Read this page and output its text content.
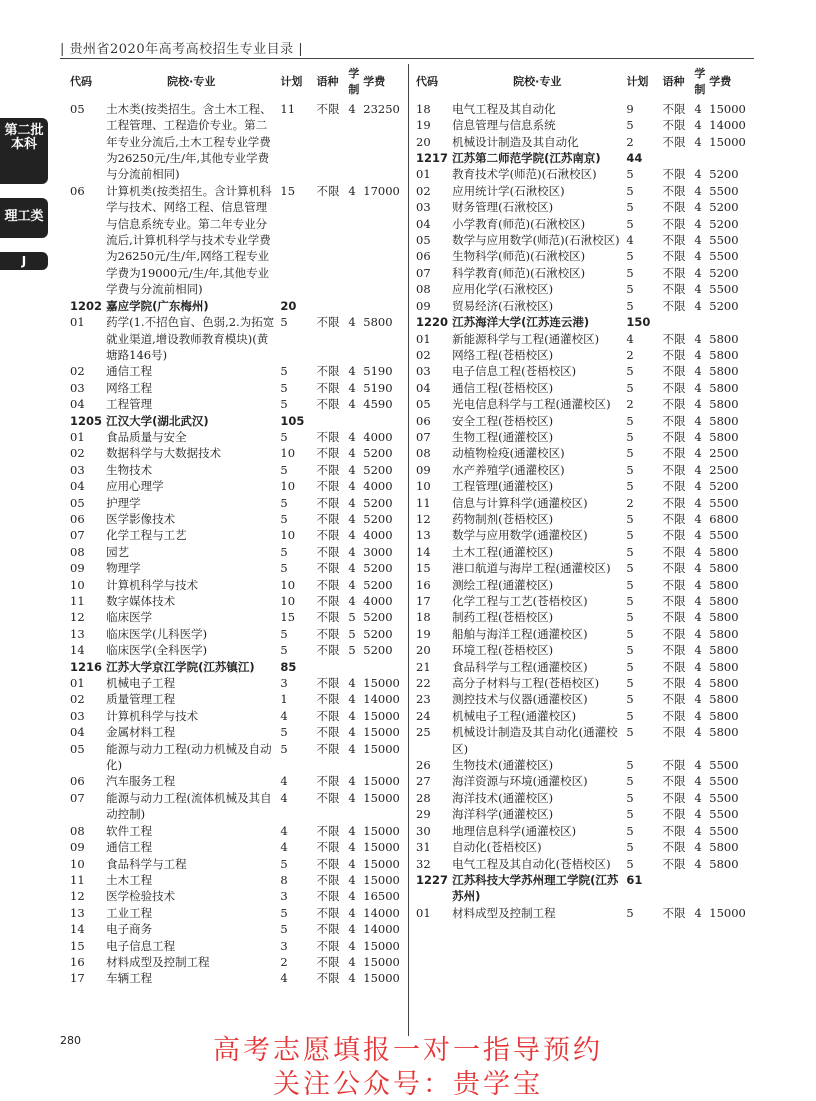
| 贵州省2020年高考高校招生专业目录 |
第二批本科
理工类
J
代码	院校·专业	计划	语种	学制	学费
05	土木类(按类招生。含土木工程、工程管理、工程造价专业。第二年专业分流后,土木工程专业学费为26250元/生/年,其他专业学费与分流前相同)	11	不限	4	23250
06	计算机类(按类招生。含计算机科学与技术、网络工程、信息管理与信息系统专业。第二年专业分流后,计算机科学与技术专业学费为26250元/生/年,网络工程专业学费为19000元/生/年,其他专业学费与分流前相同)	15	不限	4	17000
1202	嘉应学院(广东梅州)	20			
01	药学(1.不招色盲、色弱,2.为拓宽就业渠道,增设教师教育模块)(黄塘路146号)	5	不限	4	5800
02	通信工程	5	不限	4	5190
03	网络工程	5	不限	4	5190
04	工程管理	5	不限	4	4590
1205	江汉大学(湖北武汉)	105			
01	食品质量与安全	5	不限	4	4000
02	数据科学与大数据技术	10	不限	4	5200
03	生物技术	5	不限	4	5200
04	应用心理学	10	不限	4	4000
05	护理学	5	不限	4	5200
06	医学影像技术	5	不限	4	5200
07	化学工程与工艺	10	不限	4	4000
08	园艺	5	不限	4	3000
09	物理学	5	不限	4	5200
10	计算机科学与技术	10	不限	4	5200
11	数字媒体技术	10	不限	4	4000
12	临床医学	15	不限	5	5200
13	临床医学(儿科医学)	5	不限	5	5200
14	临床医学(全科医学)	5	不限	5	5200
1216	江苏大学京江学院(江苏镇江)	85			
01	机械电子工程	3	不限	4	15000
02	质量管理工程	1	不限	4	14000
03	计算机科学与技术	4	不限	4	15000
04	金属材料工程	5	不限	4	15000
05	能源与动力工程(动力机械及自动化)	5	不限	4	15000
06	汽车服务工程	4	不限	4	15000
07	能源与动力工程(流体机械及其自动控制)	4	不限	4	15000
08	软件工程	4	不限	4	15000
09	通信工程	4	不限	4	15000
10	食品科学与工程	5	不限	4	15000
11	土木工程	8	不限	4	15000
12	医学检验技术	3	不限	4	16500
13	工业工程	5	不限	4	14000
14	电子商务	5	不限	4	14000
15	电子信息工程	3	不限	4	15000
16	材料成型及控制工程	2	不限	4	15000
17	车辆工程	4	不限	4	15000
代码	院校·专业	计划	语种	学制	学费
18	电气工程及其自动化	9	不限	4	15000
19	信息管理与信息系统	5	不限	4	14000
20	机械设计制造及其自动化	2	不限	4	15000
1217	江苏第二师范学院(江苏南京)	44			
01	教育技术学(师范)(石湫校区)	5	不限	4	5200
02	应用统计学(石湫校区)	5	不限	4	5500
03	财务管理(石湫校区)	5	不限	4	5200
04	小学教育(师范)(石湫校区)	5	不限	4	5200
05	数学与应用数学(师范)(石湫校区)	4	不限	4	5500
06	生物科学(师范)(石湫校区)	5	不限	4	5500
07	科学教育(师范)(石湫校区)	5	不限	4	5200
08	应用化学(石湫校区)	5	不限	4	5500
09	贸易经济(石湫校区)	5	不限	4	5200
1220	江苏海洋大学(江苏连云港)	150			
01	新能源科学与工程(通灌校区)	4	不限	4	5800
02	网络工程(苍梧校区)	2	不限	4	5800
03	电子信息工程(苍梧校区)	5	不限	4	5800
04	通信工程(苍梧校区)	5	不限	4	5800
05	光电信息科学与工程(通灌校区)	2	不限	4	5800
06	安全工程(苍梧校区)	5	不限	4	5800
07	生物工程(通灌校区)	5	不限	4	5800
08	动植物检疫(通灌校区)	5	不限	4	2500
09	水产养殖学(通灌校区)	5	不限	4	2500
10	工程管理(通灌校区)	5	不限	4	5200
11	信息与计算科学(通灌校区)	2	不限	4	5500
12	药物制剂(苍梧校区)	5	不限	4	6800
13	数学与应用数学(通灌校区)	5	不限	4	5500
14	土木工程(通灌校区)	5	不限	4	5800
15	港口航道与海岸工程(通灌校区)	5	不限	4	5800
16	测绘工程(通灌校区)	5	不限	4	5800
17	化学工程与工艺(苍梧校区)	5	不限	4	5800
18	制药工程(苍梧校区)	5	不限	4	5800
19	船舶与海洋工程(通灌校区)	5	不限	4	5800
20	环境工程(苍梧校区)	5	不限	4	5800
21	食品科学与工程(通灌校区)	5	不限	4	5800
22	高分子材料与工程(苍梧校区)	5	不限	4	5800
23	测控技术与仪器(通灌校区)	5	不限	4	5800
24	机械电子工程(通灌校区)	5	不限	4	5800
25	机械设计制造及其自动化(通灌校区)	5	不限	4	5800
26	生物技术(通灌校区)	5	不限	4	5500
27	海洋资源与环境(通灌校区)	5	不限	4	5500
28	海洋技术(通灌校区)	5	不限	4	5500
29	海洋科学(通灌校区)	5	不限	4	5500
30	地理信息科学(通灌校区)	5	不限	4	5500
31	自动化(苍梧校区)	5	不限	4	5800
32	电气工程及其自动化(苍梧校区)	5	不限	4	5800
1227	江苏科技大学苏州理工学院(江苏苏州)	61			
01	材料成型及控制工程	5	不限	4	15000
280	高考志愿填报一对一指导预约
关注公众号：贵学宝
